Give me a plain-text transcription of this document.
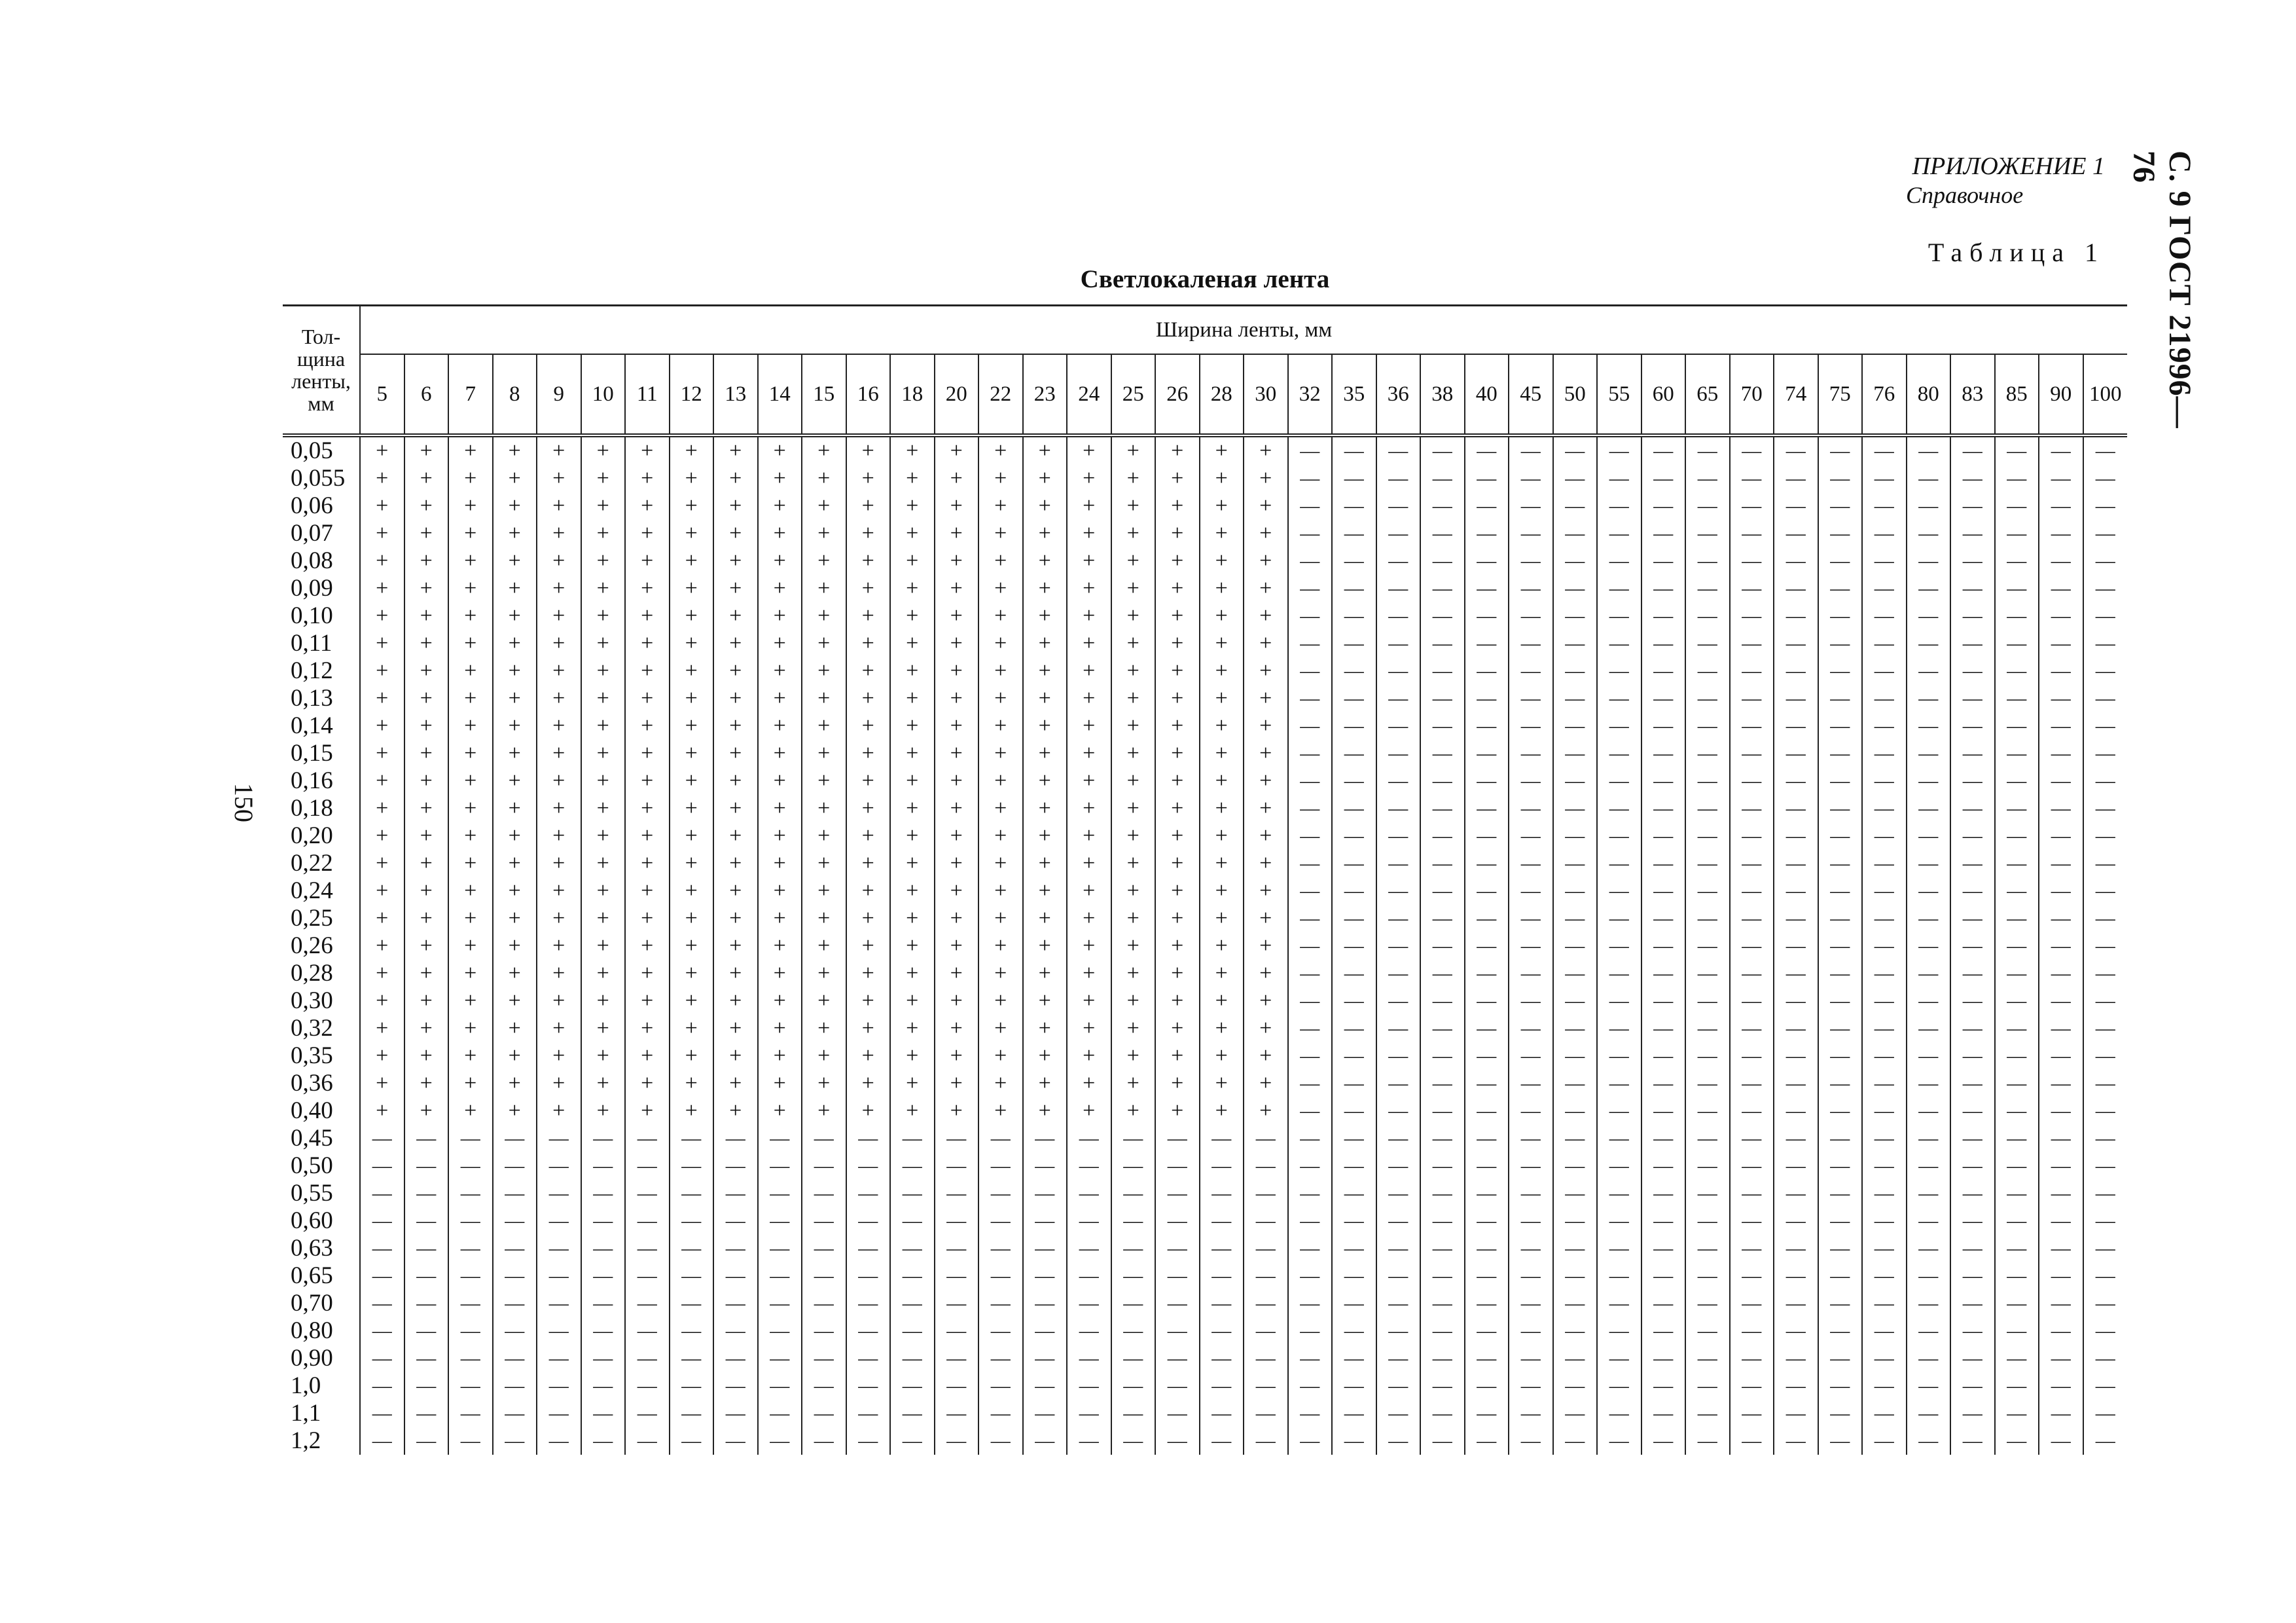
ПРИЛОЖЕНИЕ 1
Справочное
Таблица 1
Светлокаленая лента	С. 9 ГОСТ 21996—76
150
Тол-
щина
ленты,
мм	Ширина ленты, мм																																							
	5	6	7	8	9	10	11	12	13	14	15	16	18	20	22	23	24	25	26	28	30	32	35	36	38	40	45	50	55	60	65	70	74	75	76	80	83	85	90	100

0,05	+	+	+	+	+	+	+	+	+	+	+	+	+	+	+	+	+	+	+	+	+	—	—	—	—	—	—	—	—	—	—	—	—	—	—	—	—	—	—	—
0,055	+	+	+	+	+	+	+	+	+	+	+	+	+	+	+	+	+	+	+	+	+	—	—	—	—	—	—	—	—	—	—	—	—	—	—	—	—	—	—	—
0,06	+	+	+	+	+	+	+	+	+	+	+	+	+	+	+	+	+	+	+	+	+	—	—	—	—	—	—	—	—	—	—	—	—	—	—	—	—	—	—	—
0,07	+	+	+	+	+	+	+	+	+	+	+	+	+	+	+	+	+	+	+	+	+	—	—	—	—	—	—	—	—	—	—	—	—	—	—	—	—	—	—	—
0,08	+	+	+	+	+	+	+	+	+	+	+	+	+	+	+	+	+	+	+	+	+	—	—	—	—	—	—	—	—	—	—	—	—	—	—	—	—	—	—	—
0,09	+	+	+	+	+	+	+	+	+	+	+	+	+	+	+	+	+	+	+	+	+	—	—	—	—	—	—	—	—	—	—	—	—	—	—	—	—	—	—	—
0,10	+	+	+	+	+	+	+	+	+	+	+	+	+	+	+	+	+	+	+	+	+	—	—	—	—	—	—	—	—	—	—	—	—	—	—	—	—	—	—	—
0,11	+	+	+	+	+	+	+	+	+	+	+	+	+	+	+	+	+	+	+	+	+	—	—	—	—	—	—	—	—	—	—	—	—	—	—	—	—	—	—	—
0,12	+	+	+	+	+	+	+	+	+	+	+	+	+	+	+	+	+	+	+	+	+	—	—	—	—	—	—	—	—	—	—	—	—	—	—	—	—	—	—	—
0,13	+	+	+	+	+	+	+	+	+	+	+	+	+	+	+	+	+	+	+	+	+	—	—	—	—	—	—	—	—	—	—	—	—	—	—	—	—	—	—	—
0,14	+	+	+	+	+	+	+	+	+	+	+	+	+	+	+	+	+	+	+	+	+	—	—	—	—	—	—	—	—	—	—	—	—	—	—	—	—	—	—	—
0,15	+	+	+	+	+	+	+	+	+	+	+	+	+	+	+	+	+	+	+	+	+	—	—	—	—	—	—	—	—	—	—	—	—	—	—	—	—	—	—	—
0,16	+	+	+	+	+	+	+	+	+	+	+	+	+	+	+	+	+	+	+	+	+	—	—	—	—	—	—	—	—	—	—	—	—	—	—	—	—	—	—	—
0,18	+	+	+	+	+	+	+	+	+	+	+	+	+	+	+	+	+	+	+	+	+	—	—	—	—	—	—	—	—	—	—	—	—	—	—	—	—	—	—	—
0,20	+	+	+	+	+	+	+	+	+	+	+	+	+	+	+	+	+	+	+	+	+	—	—	—	—	—	—	—	—	—	—	—	—	—	—	—	—	—	—	—
0,22	+	+	+	+	+	+	+	+	+	+	+	+	+	+	+	+	+	+	+	+	+	—	—	—	—	—	—	—	—	—	—	—	—	—	—	—	—	—	—	—
0,24	+	+	+	+	+	+	+	+	+	+	+	+	+	+	+	+	+	+	+	+	+	—	—	—	—	—	—	—	—	—	—	—	—	—	—	—	—	—	—	—
0,25	+	+	+	+	+	+	+	+	+	+	+	+	+	+	+	+	+	+	+	+	+	—	—	—	—	—	—	—	—	—	—	—	—	—	—	—	—	—	—	—
0,26	+	+	+	+	+	+	+	+	+	+	+	+	+	+	+	+	+	+	+	+	+	—	—	—	—	—	—	—	—	—	—	—	—	—	—	—	—	—	—	—
0,28	+	+	+	+	+	+	+	+	+	+	+	+	+	+	+	+	+	+	+	+	+	—	—	—	—	—	—	—	—	—	—	—	—	—	—	—	—	—	—	—
0,30	+	+	+	+	+	+	+	+	+	+	+	+	+	+	+	+	+	+	+	+	+	—	—	—	—	—	—	—	—	—	—	—	—	—	—	—	—	—	—	—
0,32	+	+	+	+	+	+	+	+	+	+	+	+	+	+	+	+	+	+	+	+	+	—	—	—	—	—	—	—	—	—	—	—	—	—	—	—	—	—	—	—
0,35	+	+	+	+	+	+	+	+	+	+	+	+	+	+	+	+	+	+	+	+	+	—	—	—	—	—	—	—	—	—	—	—	—	—	—	—	—	—	—	—
0,36	+	+	+	+	+	+	+	+	+	+	+	+	+	+	+	+	+	+	+	+	+	—	—	—	—	—	—	—	—	—	—	—	—	—	—	—	—	—	—	—
0,40	+	+	+	+	+	+	+	+	+	+	+	+	+	+	+	+	+	+	+	+	+	—	—	—	—	—	—	—	—	—	—	—	—	—	—	—	—	—	—	—
0,45	—	—	—	—	—	—	—	—	—	—	—	—	—	—	—	—	—	—	—	—	—	—	—	—	—	—	—	—	—	—	—	—	—	—	—	—	—	—	—	—
0,50	—	—	—	—	—	—	—	—	—	—	—	—	—	—	—	—	—	—	—	—	—	—	—	—	—	—	—	—	—	—	—	—	—	—	—	—	—	—	—	—
0,55	—	—	—	—	—	—	—	—	—	—	—	—	—	—	—	—	—	—	—	—	—	—	—	—	—	—	—	—	—	—	—	—	—	—	—	—	—	—	—	—
0,60	—	—	—	—	—	—	—	—	—	—	—	—	—	—	—	—	—	—	—	—	—	—	—	—	—	—	—	—	—	—	—	—	—	—	—	—	—	—	—	—
0,63	—	—	—	—	—	—	—	—	—	—	—	—	—	—	—	—	—	—	—	—	—	—	—	—	—	—	—	—	—	—	—	—	—	—	—	—	—	—	—	—
0,65	—	—	—	—	—	—	—	—	—	—	—	—	—	—	—	—	—	—	—	—	—	—	—	—	—	—	—	—	—	—	—	—	—	—	—	—	—	—	—	—
0,70	—	—	—	—	—	—	—	—	—	—	—	—	—	—	—	—	—	—	—	—	—	—	—	—	—	—	—	—	—	—	—	—	—	—	—	—	—	—	—	—
0,80	—	—	—	—	—	—	—	—	—	—	—	—	—	—	—	—	—	—	—	—	—	—	—	—	—	—	—	—	—	—	—	—	—	—	—	—	—	—	—	—
0,90	—	—	—	—	—	—	—	—	—	—	—	—	—	—	—	—	—	—	—	—	—	—	—	—	—	—	—	—	—	—	—	—	—	—	—	—	—	—	—	—
1,0	—	—	—	—	—	—	—	—	—	—	—	—	—	—	—	—	—	—	—	—	—	—	—	—	—	—	—	—	—	—	—	—	—	—	—	—	—	—	—	—
1,1	—	—	—	—	—	—	—	—	—	—	—	—	—	—	—	—	—	—	—	—	—	—	—	—	—	—	—	—	—	—	—	—	—	—	—	—	—	—	—	—
1,2	—	—	—	—	—	—	—	—	—	—	—	—	—	—	—	—	—	—	—	—	—	—	—	—	—	—	—	—	—	—	—	—	—	—	—	—	—	—	—	—
